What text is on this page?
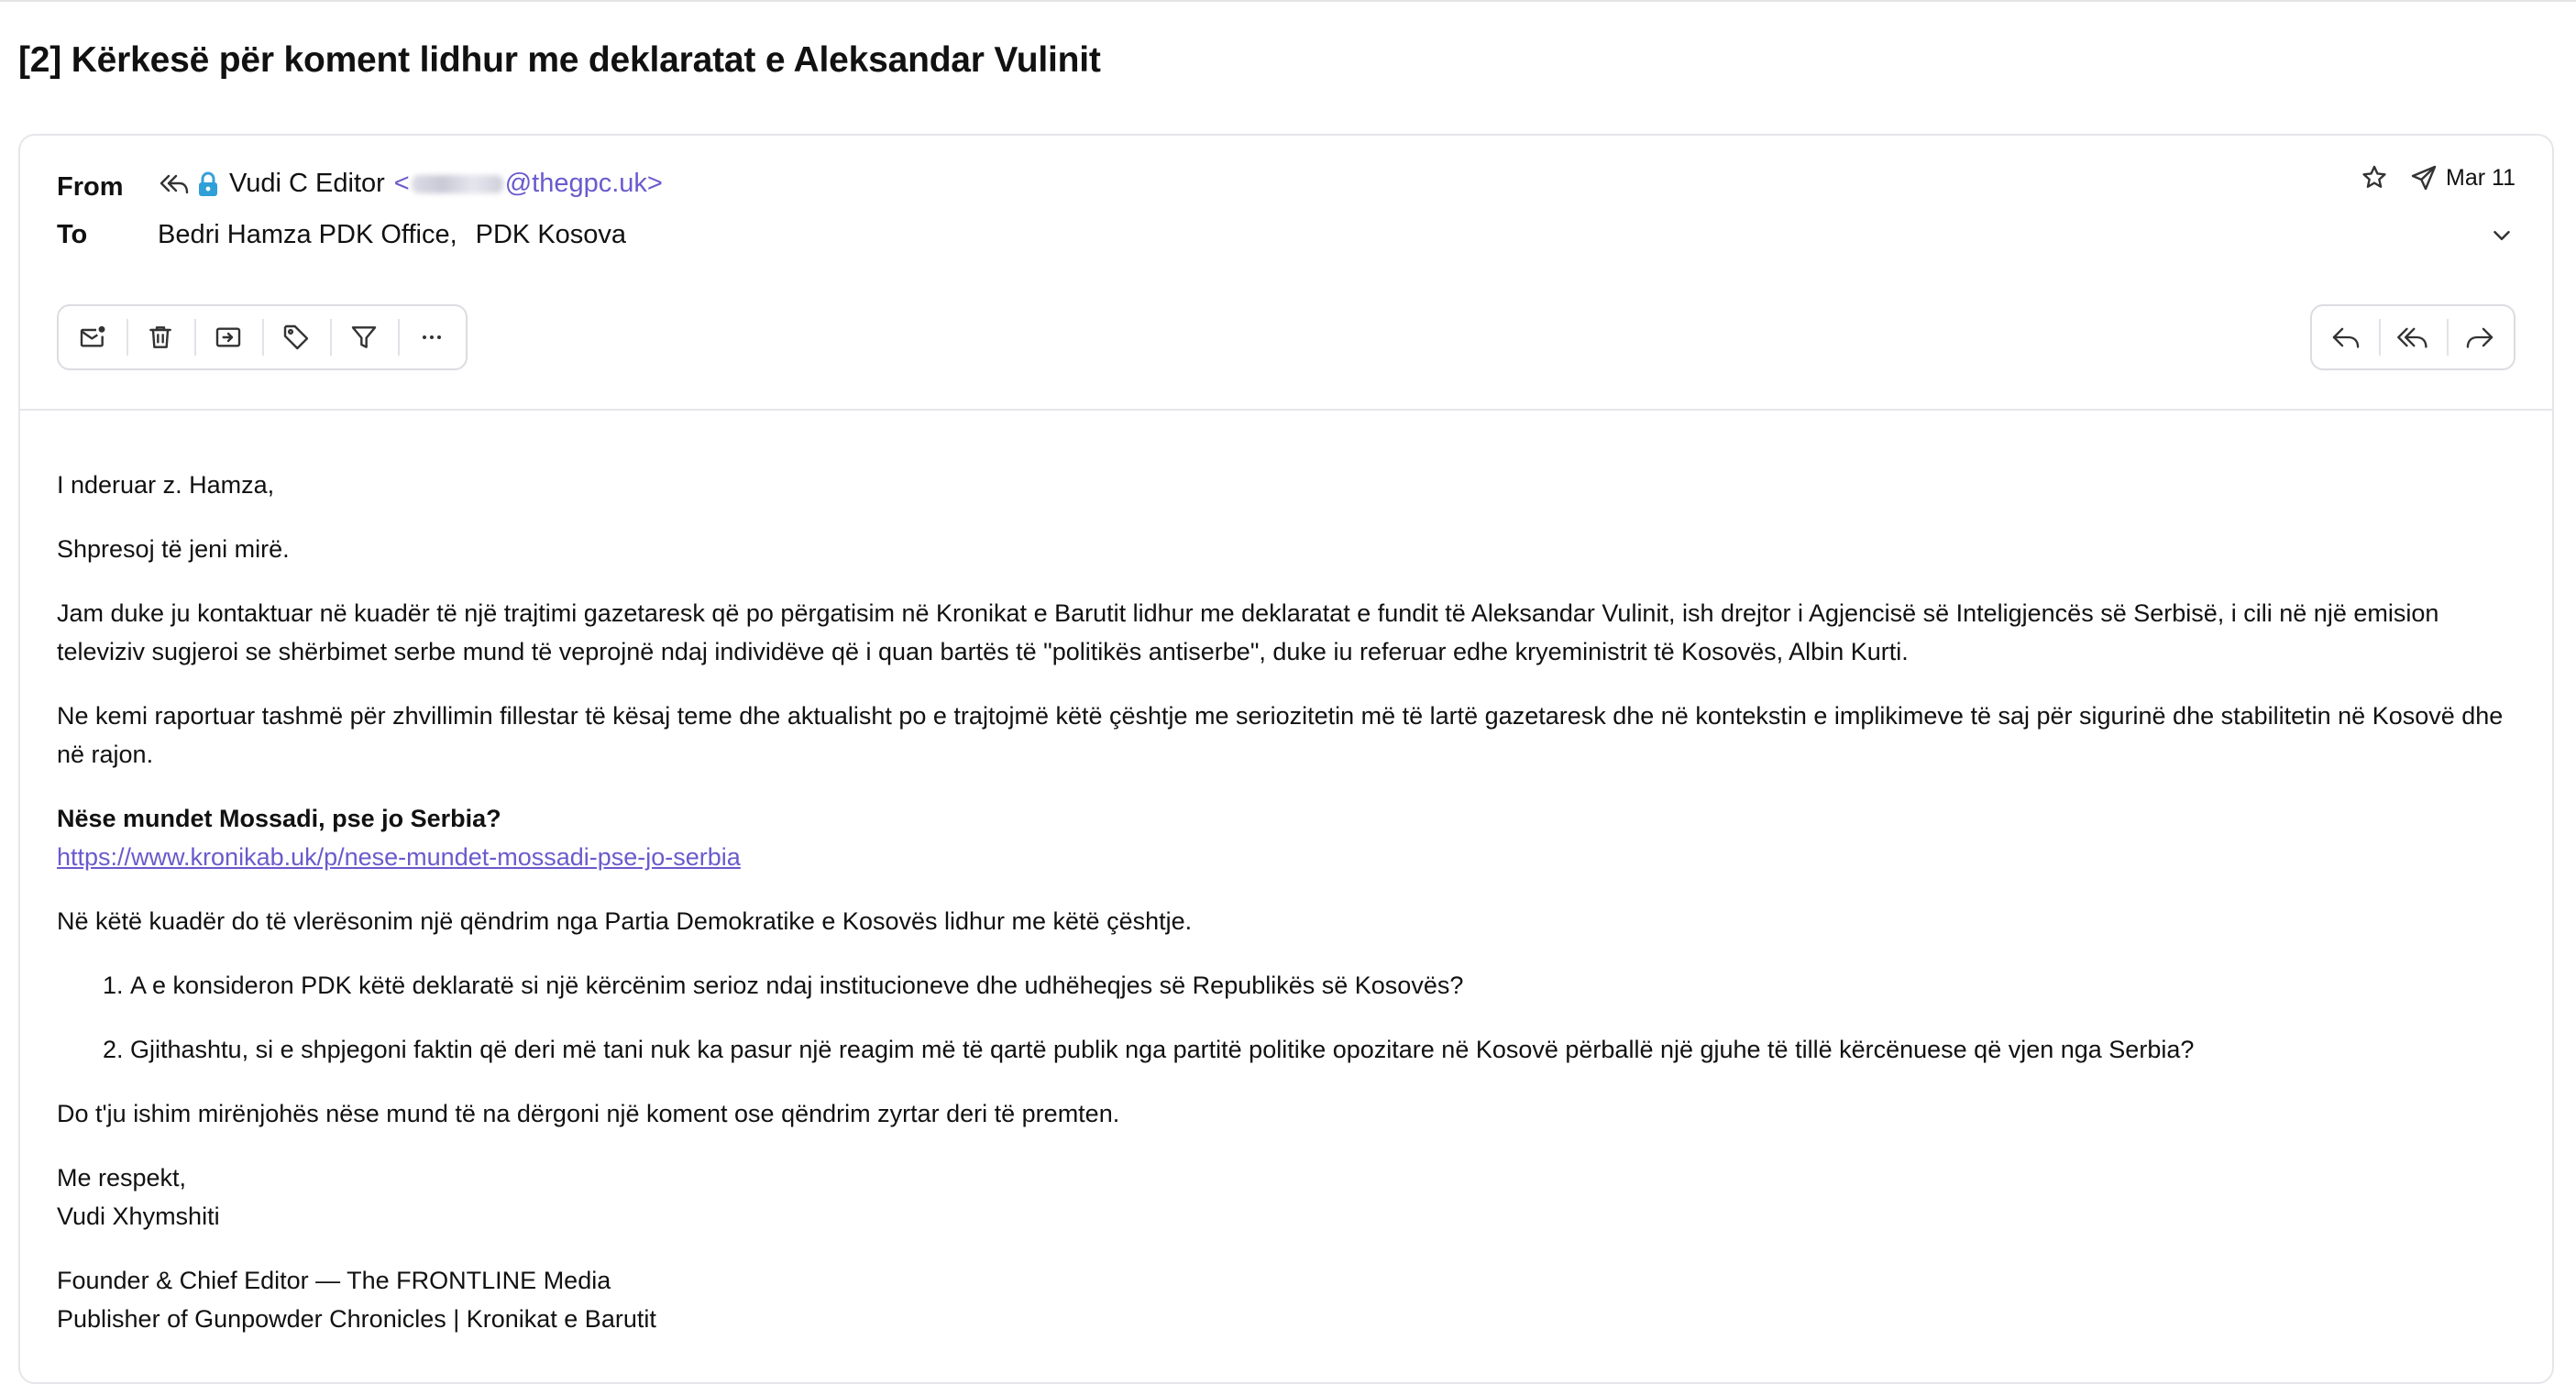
[2] Kërkesë për koment lidhur me deklaratat e Aleksandar Vulinit
From	Vudi C Editor <	@thegpc.uk>
To	Bedri Hamza PDK Office, PDK Kosova
Mar 11

I nderuar z. Hamza,

Shpresoj të jeni mirë.

Jam duke ju kontaktuar në kuadër të një trajtimi gazetaresk që po përgatisim në Kronikat e Barutit lidhur me deklaratat e fundit të Aleksandar Vulinit, ish drejtor i Agjencisë së Inteligjencës së Serbisë, i cili në një emision televiziv sugjeroi se shërbimet serbe mund të veprojnë ndaj individëve që i quan bartës të "politikës antiserbe", duke iu referuar edhe kryeministrit të Kosovës, Albin Kurti.

Ne kemi raportuar tashmë për zhvillimin fillestar të kësaj teme dhe aktualisht po e trajtojmë këtë çështje me seriozitetin më të lartë gazetaresk dhe në kontekstin e implikimeve të saj për sigurinë dhe stabilitetin në Kosovë dhe në rajon.

Nëse mundet Mossadi, pse jo Serbia?
https://www.kronikab.uk/p/nese-mundet-mossadi-pse-jo-serbia

Në këtë kuadër do të vlerësonim një qëndrim nga Partia Demokratike e Kosovës lidhur me këtë çështje.

1. A e konsideron PDK këtë deklaratë si një kërcënim serioz ndaj institucioneve dhe udhëheqjes së Republikës së Kosovës?
2. Gjithashtu, si e shpjegoni faktin që deri më tani nuk ka pasur një reagim më të qartë publik nga partitë politike opozitare në Kosovë përballë një gjuhe të tillë kërcënuese që vjen nga Serbia?

Do t'ju ishim mirënjohës nëse mund të na dërgoni një koment ose qëndrim zyrtar deri të premten.

Me respekt,
Vudi Xhymshiti

Founder & Chief Editor — The FRONTLINE Media
Publisher of Gunpowder Chronicles | Kronikat e Barutit
